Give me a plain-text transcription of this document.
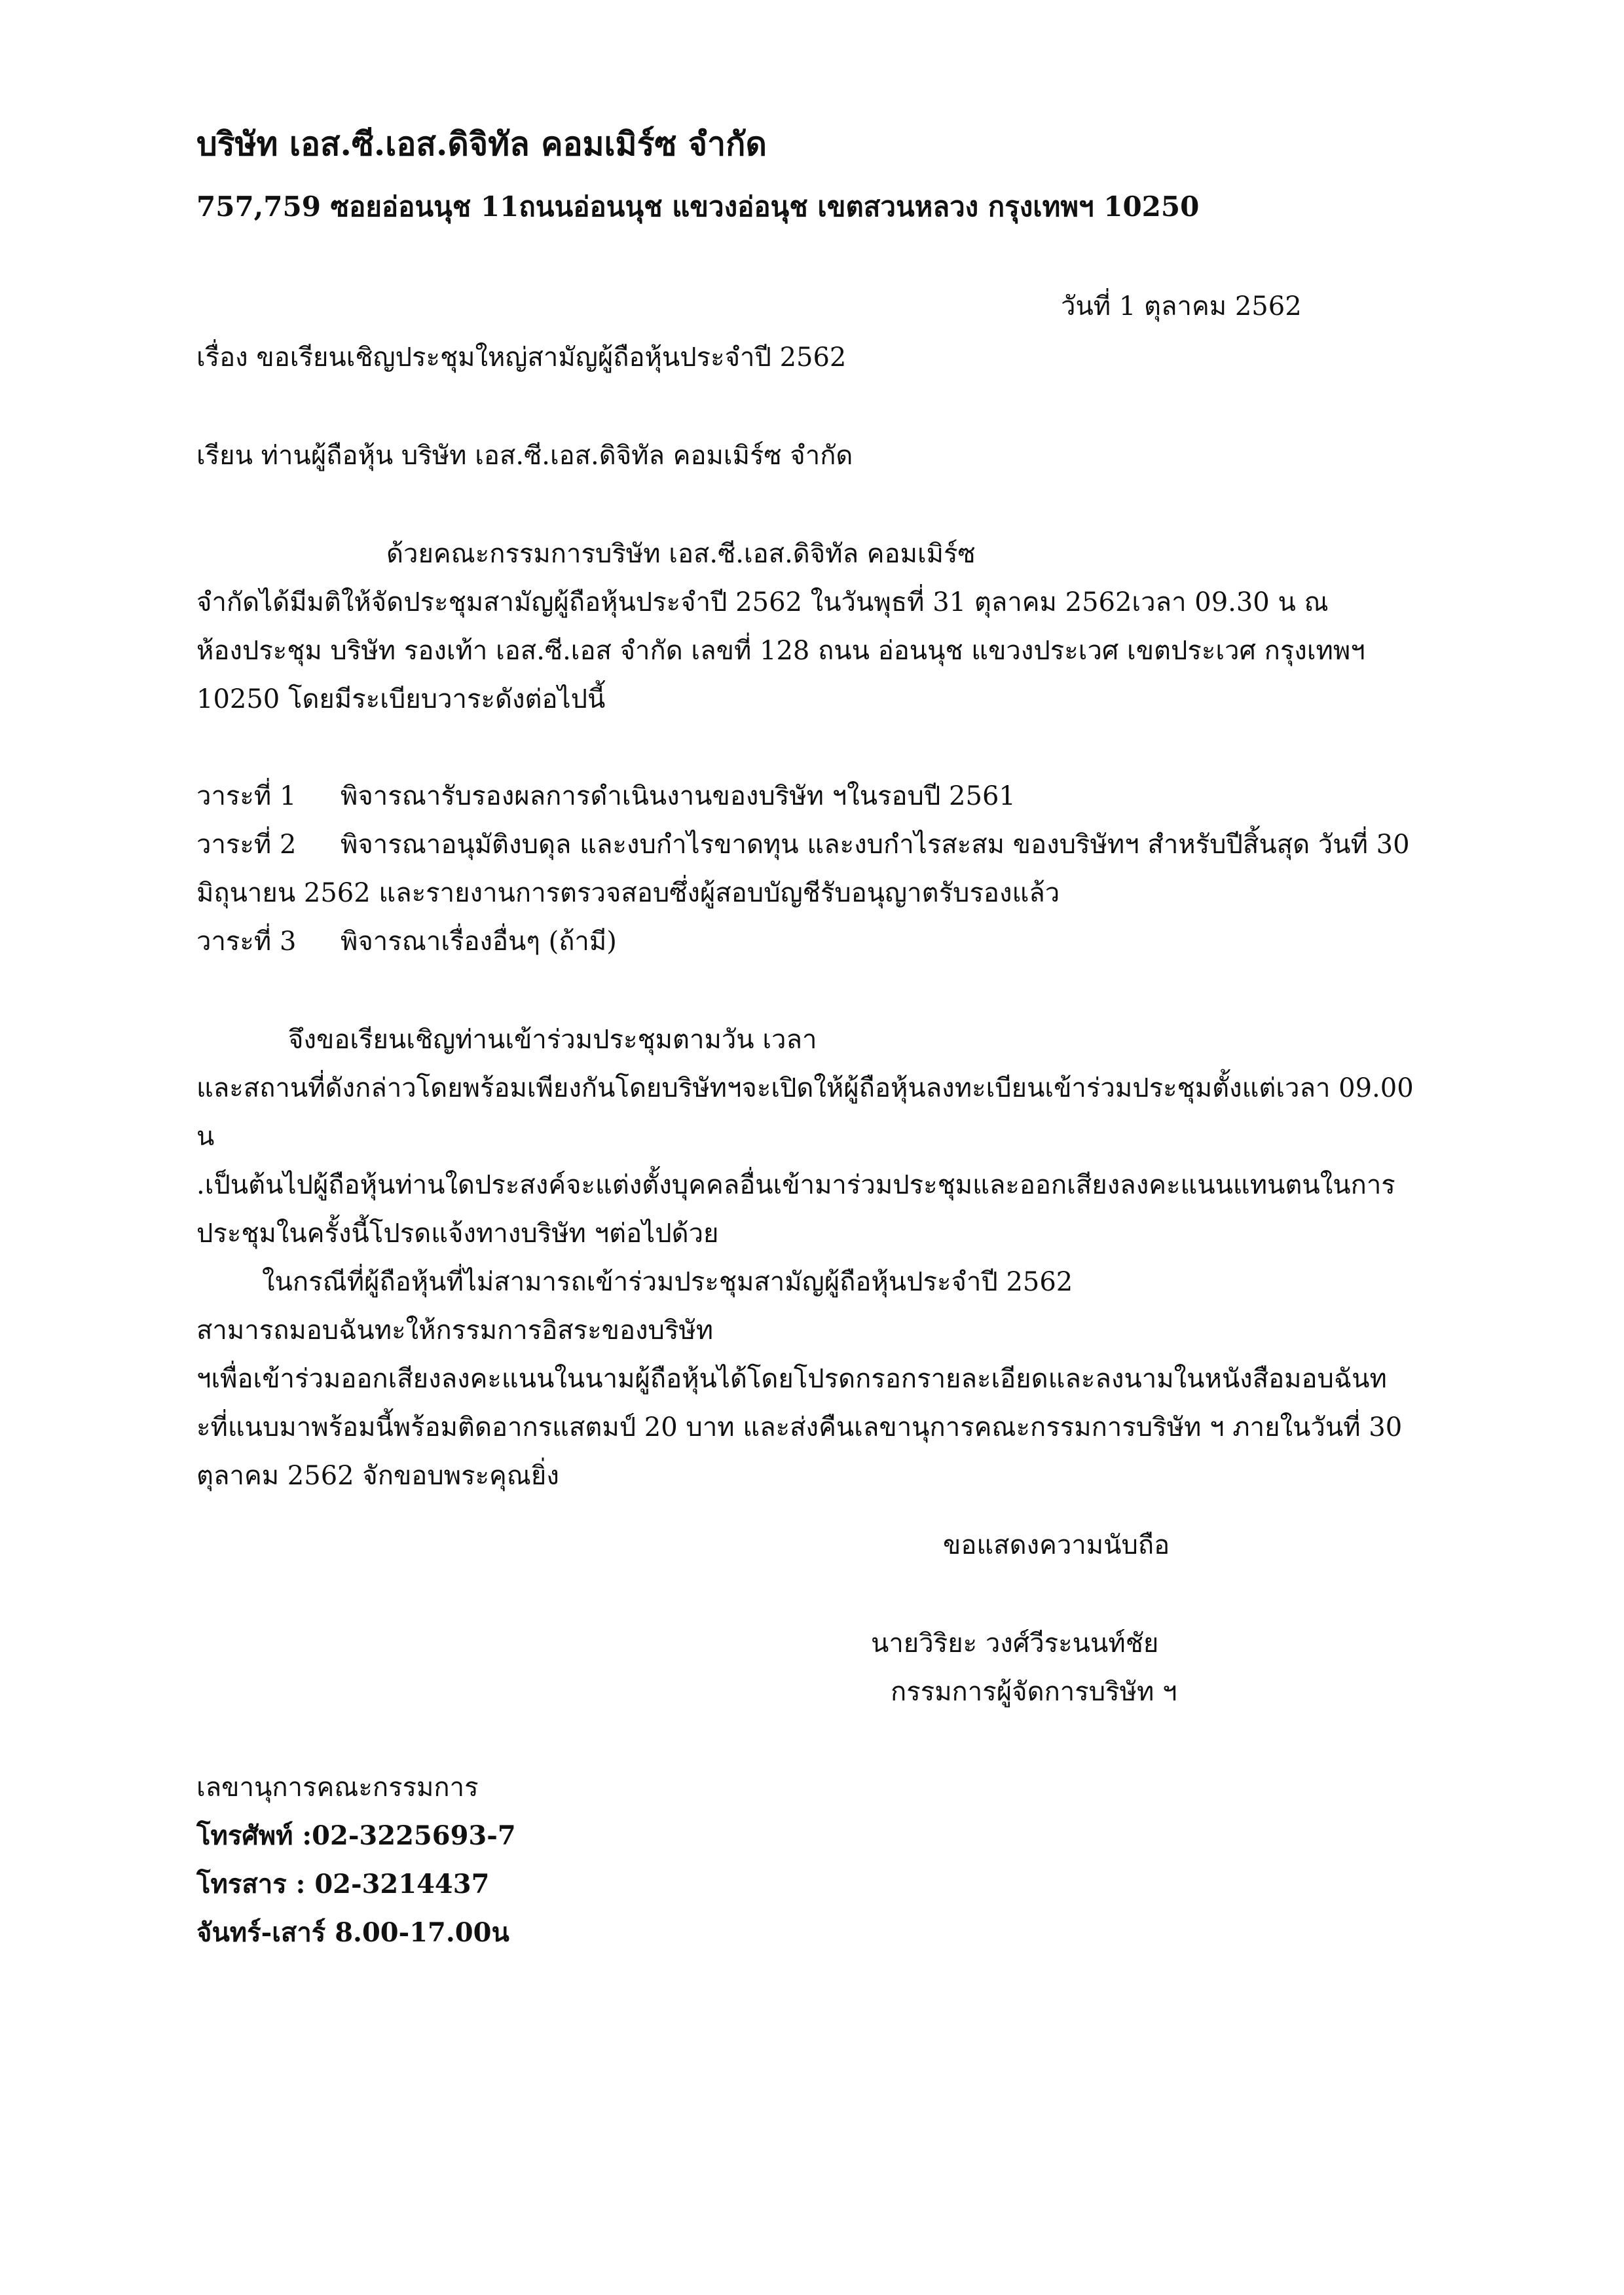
บริษัท เอส.ซี.เอส.ดิจิทัล คอมเมิร์ซ จำกัด
757,759 ซอยอ่อนนุช 11ถนนอ่อนนุช แขวงอ่อนุช เขตสวนหลวง กรุงเทพฯ 10250
วันที่ 1 ตุลาคม 2562
เรื่อง ขอเรียนเชิญประชุมใหญ่สามัญผู้ถือหุ้นประจำปี 2562
เรียน ท่านผู้ถือหุ้น บริษัท เอส.ซี.เอส.ดิจิทัล คอมเมิร์ซ จำกัด
ด้วยคณะกรรมการบริษัท เอส.ซี.เอส.ดิจิทัล คอมเมิร์ซ
จำกัดได้มีมติให้จัดประชุมสามัญผู้ถือหุ้นประจำปี 2562 ในวันพุธที่ 31 ตุลาคม 2562เวลา 09.30 น ณ
ห้องประชุม บริษัท รองเท้า เอส.ซี.เอส จำกัด เลขที่ 128 ถนน อ่อนนุช แขวงประเวศ เขตประเวศ กรุงเทพฯ
10250 โดยมีระเบียบวาระดังต่อไปนี้
วาระที่ 1 พิจารณารับรองผลการดำเนินงานของบริษัท ฯในรอบปี 2561
วาระที่ 2 พิจารณาอนุมัติงบดุล และงบกำไรขาดทุน และงบกำไรสะสม ของบริษัทฯ สำหรับปีสิ้นสุด วันที่ 30
มิถุนายน 2562 และรายงานการตรวจสอบซึ่งผู้สอบบัญชีรับอนุญาตรับรองแล้ว
วาระที่ 3 พิจารณาเรื่องอื่นๆ (ถ้ามี)
จึงขอเรียนเชิญท่านเข้าร่วมประชุมตามวัน เวลา
และสถานที่ดังกล่าวโดยพร้อมเพียงกันโดยบริษัทฯจะเปิดให้ผู้ถือหุ้นลงทะเบียนเข้าร่วมประชุมตั้งแต่เวลา 09.00
น
.เป็นต้นไปผู้ถือหุ้นท่านใดประสงค์จะแต่งตั้งบุคคลอื่นเข้ามาร่วมประชุมและออกเสียงลงคะแนนแทนตนในการ
ประชุมในครั้งนี้โปรดแจ้งทางบริษัท ฯต่อไปด้วย
ในกรณีที่ผู้ถือหุ้นที่ไม่สามารถเข้าร่วมประชุมสามัญผู้ถือหุ้นประจำปี 2562
สามารถมอบฉันทะให้กรรมการอิสระของบริษัท
ฯเพื่อเข้าร่วมออกเสียงลงคะแนนในนามผู้ถือหุ้นได้โดยโปรดกรอกรายละเอียดและลงนามในหนังสือมอบฉันท
ะที่แนบมาพร้อมนี้พร้อมติดอากรแสตมป์ 20 บาท และส่งคืนเลขานุการคณะกรรมการบริษัท ฯ ภายในวันที่ 30
ตุลาคม 2562 จักขอบพระคุณยิ่ง
ขอแสดงความนับถือ
นายวิริยะ วงศ์วีระนนท์ชัย
กรรมการผู้จัดการบริษัท ฯ
เลขานุการคณะกรรมการ
โทรศัพท์ :02-3225693-7
โทรสาร : 02-3214437
จันทร์-เสาร์ 8.00-17.00น
